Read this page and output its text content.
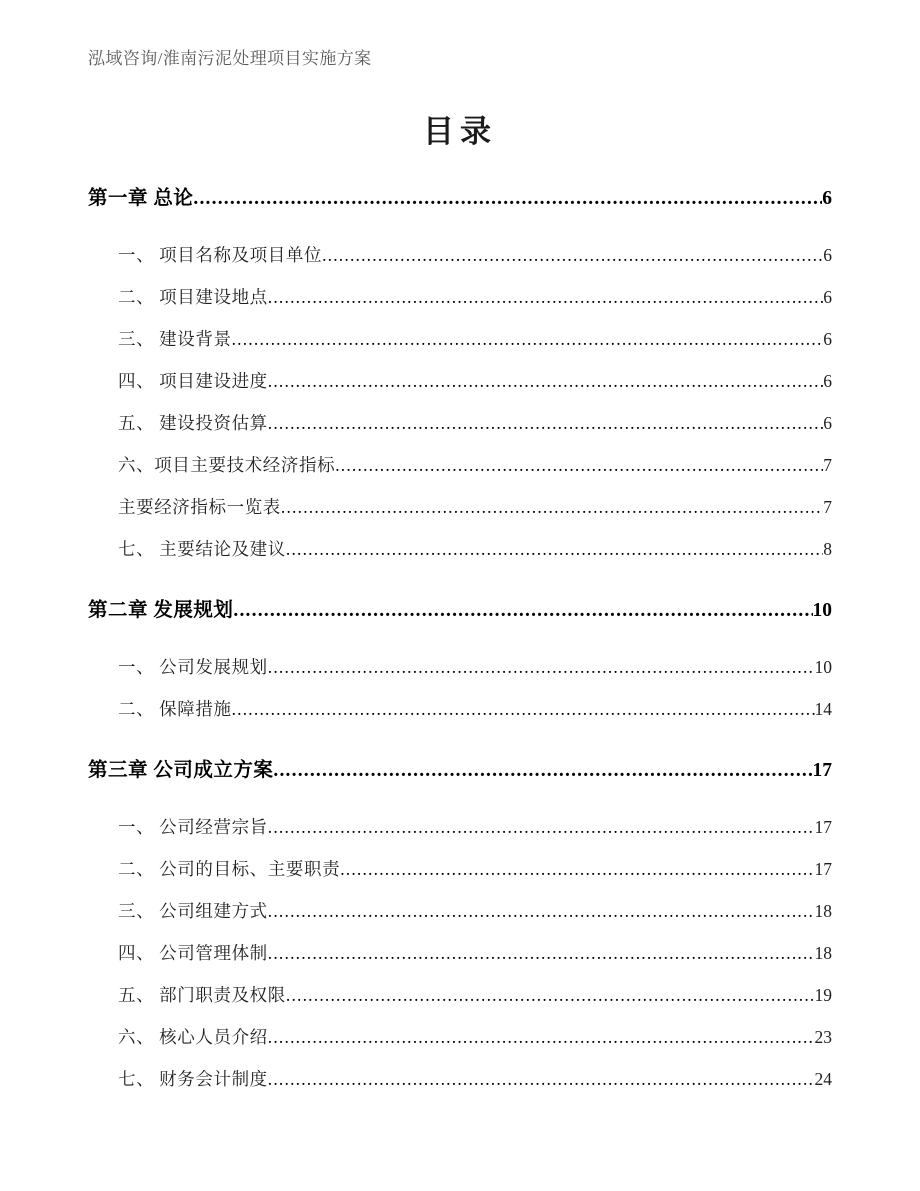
泓域咨询/淮南污泥处理项目实施方案
目录
第一章 总论 .....	6
一、 项目名称及项目单位 .....	6
二、 项目建设地点 .....	6
三、 建设背景 .....	6
四、 项目建设进度 .....	6
五、 建设投资估算 .....	6
六、项目主要技术经济指标 .....	7
主要经济指标一览表 .....	7
七、 主要结论及建议 .....	8
第二章 发展规划 .....	10
一、 公司发展规划 .....	10
二、 保障措施 .....	14
第三章 公司成立方案 .....	17
一、 公司经营宗旨 .....	17
二、 公司的目标、主要职责 .....	17
三、 公司组建方式 .....	18
四、 公司管理体制 .....	18
五、 部门职责及权限 .....	19
六、 核心人员介绍 .....	23
七、 财务会计制度 .....	24
